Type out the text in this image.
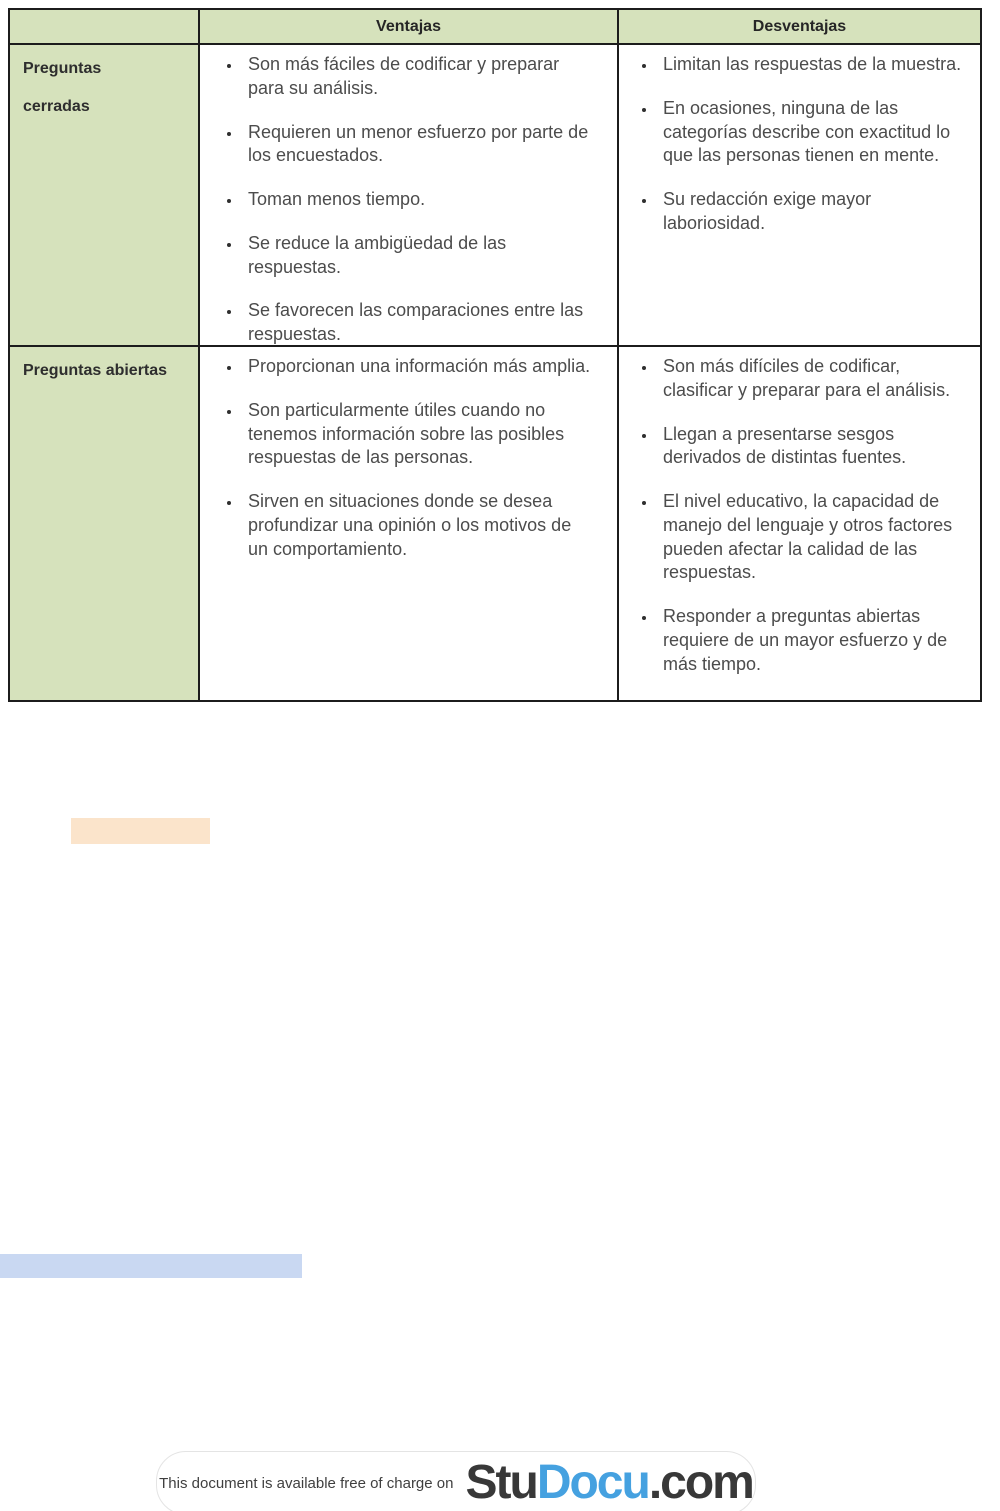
Ventajas	Desventajas
Preguntas
cerradas
• Son más fáciles de codificar y preparar para su análisis.
• Requieren un menor esfuerzo por parte de los encuestados.
• Toman menos tiempo.
• Se reduce la ambigüedad de las respuestas.
• Se favorecen las comparaciones entre las respuestas.
• Limitan las respuestas de la muestra.
• En ocasiones, ninguna de las categorías describe con exactitud lo que las personas tienen en mente.
• Su redacción exige mayor laboriosidad.
Preguntas abiertas	• Proporcionan una información más amplia.
• Son particularmente útiles cuando no tenemos información sobre las posibles respuestas de las personas.
• Sirven en situaciones donde se desea profundizar una opinión o los motivos de un comportamiento.
• Son más difíciles de codificar, clasificar y preparar para el análisis.
• Llegan a presentarse sesgos derivados de distintas fuentes.
• El nivel educativo, la capacidad de manejo del lenguaje y otros factores pueden afectar la calidad de las respuestas.
• Responder a preguntas abiertas requiere de un mayor esfuerzo y de más tiempo.
This document is available free of charge on StuDocu.com
